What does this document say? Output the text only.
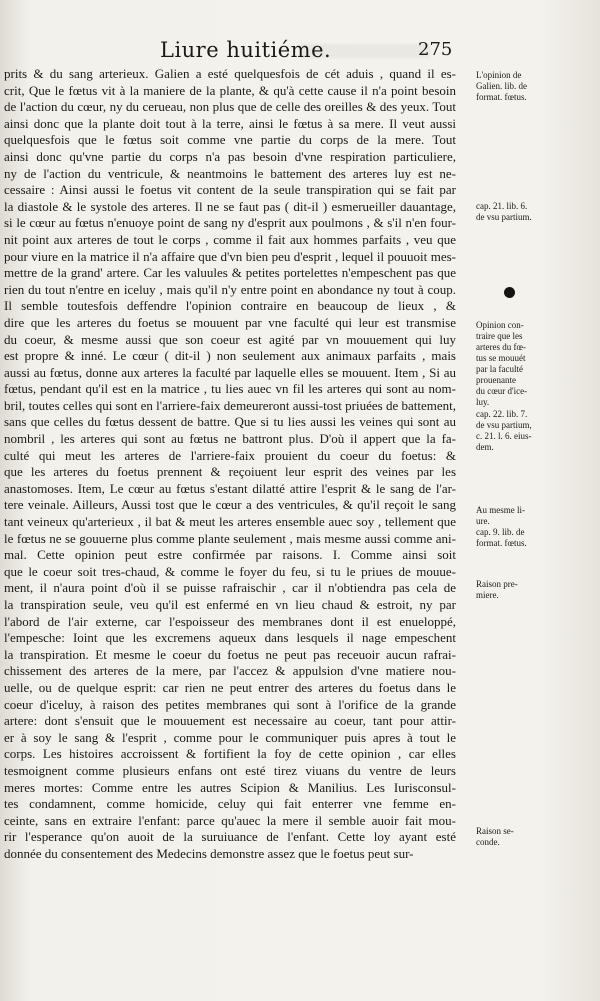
Liure huitiéme.	275
prits & du sang arterieux. Galien a esté quelquesfois de cét aduis , quand il es-
crit, Que le fœtus vit à la maniere de la plante, & qu'à cette cause il n'a point besoin
de l'action du cœur, ny du cerueau, non plus que de celle des oreilles & des yeux. Tout
ainsi donc que la plante doit tout à la terre, ainsi le fœtus à sa mere. Il veut aussi
quelquesfois que le fœtus soit comme vne partie du corps de la mere. Tout
ainsi donc qu'vne partie du corps n'a pas besoin d'vne respiration particuliere,
ny de l'action du ventricule, & neantmoins le battement des arteres luy est ne-
cessaire : Ainsi aussi le foetus vit content de la seule transpiration qui se fait par
la diastole & le systole des arteres. Il ne se faut pas ( dit-il ) esmerueiller dauantage,
si le cœur au fœtus n'enuoye point de sang ny d'esprit aux poulmons , & s'il n'en four-
nit point aux arteres de tout le corps , comme il fait aux hommes parfaits , veu que
pour viure en la matrice il n'a affaire que d'vn bien peu d'esprit , lequel il pouuoit mes-
mettre de la grand' artere. Car les valuules & petites portelettes n'empeschent pas que
rien du tout n'entre en iceluy , mais qu'il n'y entre point en abondance ny tout à coup.
Il semble toutesfois deffendre l'opinion contraire en beaucoup de lieux , &
dire que les arteres du foetus se mouuent par vne faculté qui leur est transmise
du coeur, & mesme aussi que son coeur est agité par vn mouuement qui luy
est propre & inné. Le cœur ( dit-il ) non seulement aux animaux parfaits , mais
aussi au fœtus, donne aux arteres la faculté par laquelle elles se mouuent. Item , Si au
fœtus, pendant qu'il est en la matrice , tu lies auec vn fil les arteres qui sont au nom-
bril, toutes celles qui sont en l'arriere-faix demeureront aussi-tost priuées de battement,
sans que celles du fœtus dessent de battre. Que si tu lies aussi les veines qui sont au
nombril , les arteres qui sont au fœtus ne battront plus. D'où il appert que la fa-
culté qui meut les arteres de l'arriere-faix prouient du coeur du foetus: &
que les arteres du foetus prennent & reçoiuent leur esprit des veines par les
anastomoses. Item, Le cœur au fœtus s'estant dilatté attire l'esprit & le sang de l'ar-
tere veinale. Ailleurs, Aussi tost que le cœur a des ventricules, & qu'il reçoit le sang
tant veineux qu'arterieux , il bat & meut les arteres ensemble auec soy , tellement que
le fœtus ne se gouuerne plus comme plante seulement , mais mesme aussi comme ani-
mal. Cette opinion peut estre confirmée par raisons. I. Comme ainsi soit
que le coeur soit tres-chaud, & comme le foyer du feu, si tu le priues de mouue-
ment, il n'aura point d'où il se puisse rafraischir , car il n'obtiendra pas cela de
la transpiration seule, veu qu'il est enfermé en vn lieu chaud & estroit, ny par
l'abord de l'air externe, car l'espoisseur des membranes dont il est enueloppé,
l'empesche: Ioint que les excremens aqueux dans lesquels il nage empeschent
la transpiration. Et mesme le coeur du foetus ne peut pas receuoir aucun rafrai-
chissement des arteres de la mere, par l'accez & appulsion d'vne matiere nou-
uelle, ou de quelque esprit: car rien ne peut entrer des arteres du foetus dans le
coeur d'iceluy, à raison des petites membranes qui sont à l'orifice de la grande
artere: dont s'ensuit que le mouuement est necessaire au coeur, tant pour attir-
er à soy le sang & l'esprit , comme pour le communiquer puis apres à tout le
corps. Les histoires accroissent & fortifient la foy de cette opinion , car elles
tesmoignent comme plusieurs enfans ont esté tirez viuans du ventre de leurs
meres mortes: Comme entre les autres Scipion & Manilius. Les Iurisconsul-
tes condamnent, comme homicide, celuy qui fait enterrer vne femme en-
ceinte, sans en extraire l'enfant: parce qu'auec la mere il semble auoir fait mou-
rir l'esperance qu'on auoit de la suruiuance de l'enfant. Cette loy ayant esté
donnée du consentement des Medecins demonstre assez que le foetus peut sur-
L'opinion de
Galien. lib. de
format. fœtus.
cap. 21. lib. 6.
de vsu partium.
Opinion con-
traire que les
arteres du fœ-
tus se mouuét
par la faculté
prouenante
du cœur d'ice-
luy.
cap. 22. lib. 7.
de vsu partium,
c. 21. l. 6. eius-
dem.
Au mesme li-
ure.
cap. 9. lib. de
format. fœtus.
Raison pre-
miere.
Raison se-
conde.
